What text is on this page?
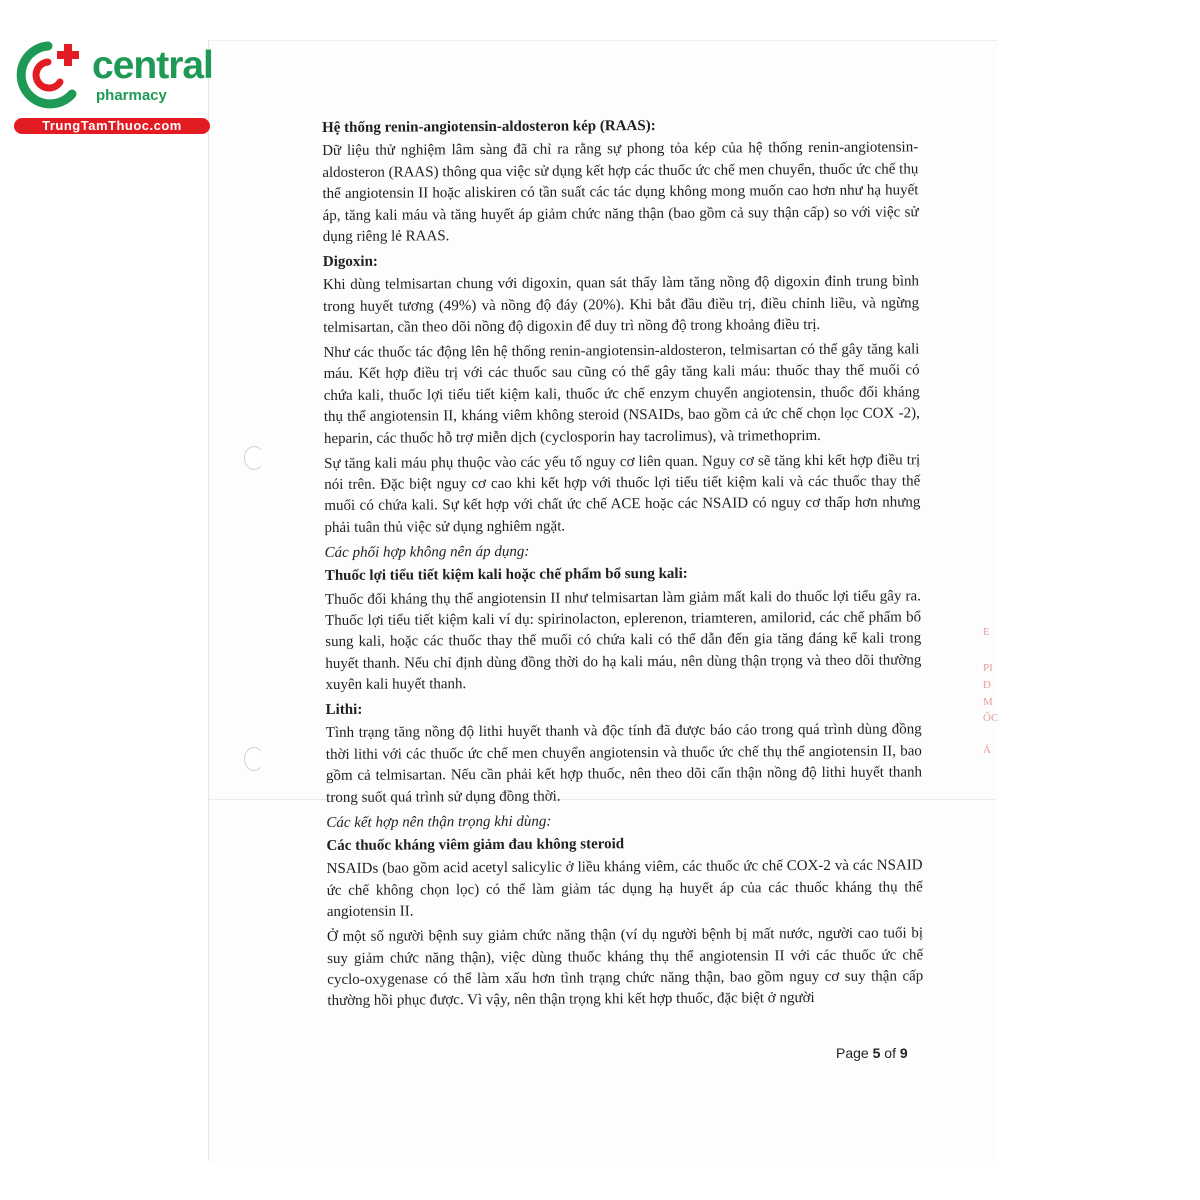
central
pharmacy
TrungTamThuoc.com	Hệ thống renin-angiotensin-aldosteron kép (RAAS):

Dữ liệu thử nghiệm lâm sàng đã chỉ ra rằng sự phong tỏa kép của hệ thống renin-angiotensin-aldosteron (RAAS) thông qua việc sử dụng kết hợp các thuốc ức chế men chuyển, thuốc ức chế thụ thể angiotensin II hoặc aliskiren có tần suất các tác dụng không mong muốn cao hơn như hạ huyết áp, tăng kali máu và tăng huyết áp giảm chức năng thận (bao gồm cả suy thận cấp) so với việc sử dụng riêng lẻ RAAS.

Digoxin:

Khi dùng telmisartan chung với digoxin, quan sát thấy làm tăng nồng độ digoxin đỉnh trung bình trong huyết tương (49%) và nồng độ đáy (20%). Khi bắt đầu điều trị, điều chỉnh liều, và ngừng telmisartan, cần theo dõi nồng độ digoxin để duy trì nồng độ trong khoảng điều trị.

Như các thuốc tác động lên hệ thống renin-angiotensin-aldosteron, telmisartan có thể gây tăng kali máu. Kết hợp điều trị với các thuốc sau cũng có thể gây tăng kali máu: thuốc thay thế muối có chứa kali, thuốc lợi tiểu tiết kiệm kali, thuốc ức chế enzym chuyển angiotensin, thuốc đối kháng thụ thể angiotensin II, kháng viêm không steroid (NSAIDs, bao gồm cả ức chế chọn lọc COX -2), heparin, các thuốc hỗ trợ miễn dịch (cyclosporin hay tacrolimus), và trimethoprim.

Sự tăng kali máu phụ thuộc vào các yếu tố nguy cơ liên quan. Nguy cơ sẽ tăng khi kết hợp điều trị nói trên. Đặc biệt nguy cơ cao khi kết hợp với thuốc lợi tiểu tiết kiệm kali và các thuốc thay thế muối có chứa kali. Sự kết hợp với chất ức chế ACE hoặc các NSAID có nguy cơ thấp hơn nhưng phải tuân thủ việc sử dụng nghiêm ngặt.

Các phối hợp không nên áp dụng:

Thuốc lợi tiểu tiết kiệm kali hoặc chế phẩm bổ sung kali:

Thuốc đối kháng thụ thể angiotensin II như telmisartan làm giảm mất kali do thuốc lợi tiểu gây ra. Thuốc lợi tiểu tiết kiệm kali ví dụ: spirinolacton, eplerenon, triamteren, amilorid, các chế phẩm bổ sung kali, hoặc các thuốc thay thế muối có chứa kali có thể dẫn đến gia tăng đáng kể kali trong huyết thanh. Nếu chỉ định dùng đồng thời do hạ kali máu, nên dùng thận trọng và theo dõi thường xuyên kali huyết thanh.

Lithi:

Tình trạng tăng nồng độ lithi huyết thanh và độc tính đã được báo cáo trong quá trình dùng đồng thời lithi với các thuốc ức chế men chuyển angiotensin và thuốc ức chế thụ thể angiotensin II, bao gồm cả telmisartan. Nếu cần phải kết hợp thuốc, nên theo dõi cẩn thận nồng độ lithi huyết thanh trong suốt quá trình sử dụng đồng thời.

Các kết hợp nên thận trọng khi dùng:

Các thuốc kháng viêm giảm đau không steroid

NSAIDs (bao gồm acid acetyl salicylic ở liều kháng viêm, các thuốc ức chế COX-2 và các NSAID ức chế không chọn lọc) có thể làm giảm tác dụng hạ huyết áp của các thuốc kháng thụ thể angiotensin II.

Ở một số người bệnh suy giảm chức năng thận (ví dụ người bệnh bị mất nước, người cao tuổi bị suy giảm chức năng thận), việc dùng thuốc kháng thụ thể angiotensin II với các thuốc ức chế cyclo-oxygenase có thể làm xấu hơn tình trạng chức năng thận, bao gồm nguy cơ suy thận cấp thường hồi phục được. Vì vậy, nên thận trọng khi kết hợp thuốc, đặc biệt ở người

Page 5 of 9
E
PI
D
M
ỐC
Ả
